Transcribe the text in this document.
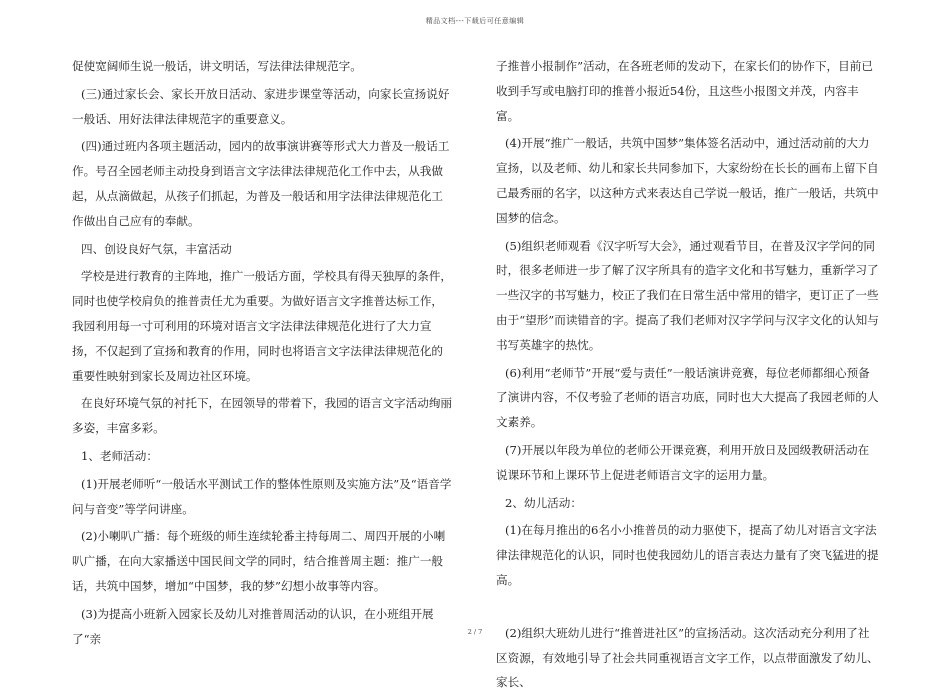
精品文档---下载后可任意编辑

促使宽阔师生说一般话，讲文明话，写法律法律规范字。

(三)通过家长会、家长开放日活动、家进步课堂等活动，向家长宣扬说好一般话、用好法律法律规范字的重要意义。

(四)通过班内各项主题活动，园内的故事演讲赛等形式大力普及一般话工作。号召全园老师主动投身到语言文字法律法律规范化工作中去，从我做起，从点滴做起，从孩子们抓起，为普及一般话和用字法律法律规范化工作做出自己应有的奉献。

四、创设良好气氛，丰富活动

学校是进行教育的主阵地，推广一般话方面，学校具有得天独厚的条件，同时也使学校肩负的推普责任尤为重要。为做好语言文字推普达标工作，我园利用每一寸可利用的环境对语言文字法律法律规范化进行了大力宣扬，不仅起到了宣扬和教育的作用，同时也将语言文字法律法律规范化的重要性映射到家长及周边社区环境。

在良好环境气氛的衬托下，在园领导的带着下，我园的语言文字活动绚丽多姿，丰富多彩。

1、老师活动：

(1)开展老师听“一般话水平测试工作的整体性原则及实施方法”及“语音学问与音变”等学问讲座。

(2)小喇叭广播：每个班级的师生连续轮番主持每周二、周四开展的小喇叭广播，在向大家播送中国民间文学的同时，结合推普周主题：推广一般话，共筑中国梦，增加“中国梦，我的梦”幻想小故事等内容。

(3)为提高小班新入园家长及幼儿对推普周活动的认识，在小班组开展了“亲

子推普小报制作”活动，在各班老师的发动下，在家长们的协作下，目前已收到手写或电脑打印的推普小报近54份，且这些小报图文并茂，内容丰富。

(4)开展“推广一般话，共筑中国梦”集体签名活动中，通过活动前的大力宣扬，以及老师、幼儿和家长共同参加下，大家纷纷在长长的画布上留下自己最秀丽的名字，以这种方式来表达自己学说一般话，推广一般话，共筑中国梦的信念。

(5)组织老师观看《汉字听写大会》，通过观看节目，在普及汉字学问的同时，很多老师进一步了解了汉字所具有的造字文化和书写魅力，重新学习了一些汉字的书写魅力，校正了我们在日常生活中常用的错字，更订正了一些由于“望形”而读错音的字。提高了我们老师对汉字学问与汉字文化的认知与书写英雄字的热忱。

(6)利用“老师节”开展“爱与责任”一般话演讲竞赛，每位老师都细心预备了演讲内容，不仅考验了老师的语言功底，同时也大大提高了我园老师的人文素养。

(7)开展以年段为单位的老师公开课竞赛，利用开放日及园级教研活动在说课环节和上课环节上促进老师语言文字的运用力量。

2、幼儿活动：

(1)在每月推出的6名小小推普员的动力驱使下，提高了幼儿对语言文字法律法律规范化的认识，同时也使我园幼儿的语言表达力量有了突飞猛进的提高。

(2)组织大班幼儿进行“推普进社区”的宣扬活动。这次活动充分利用了社区资源，有效地引导了社会共同重视语言文字工作，以点带面激发了幼儿、家长、

2 / 7
